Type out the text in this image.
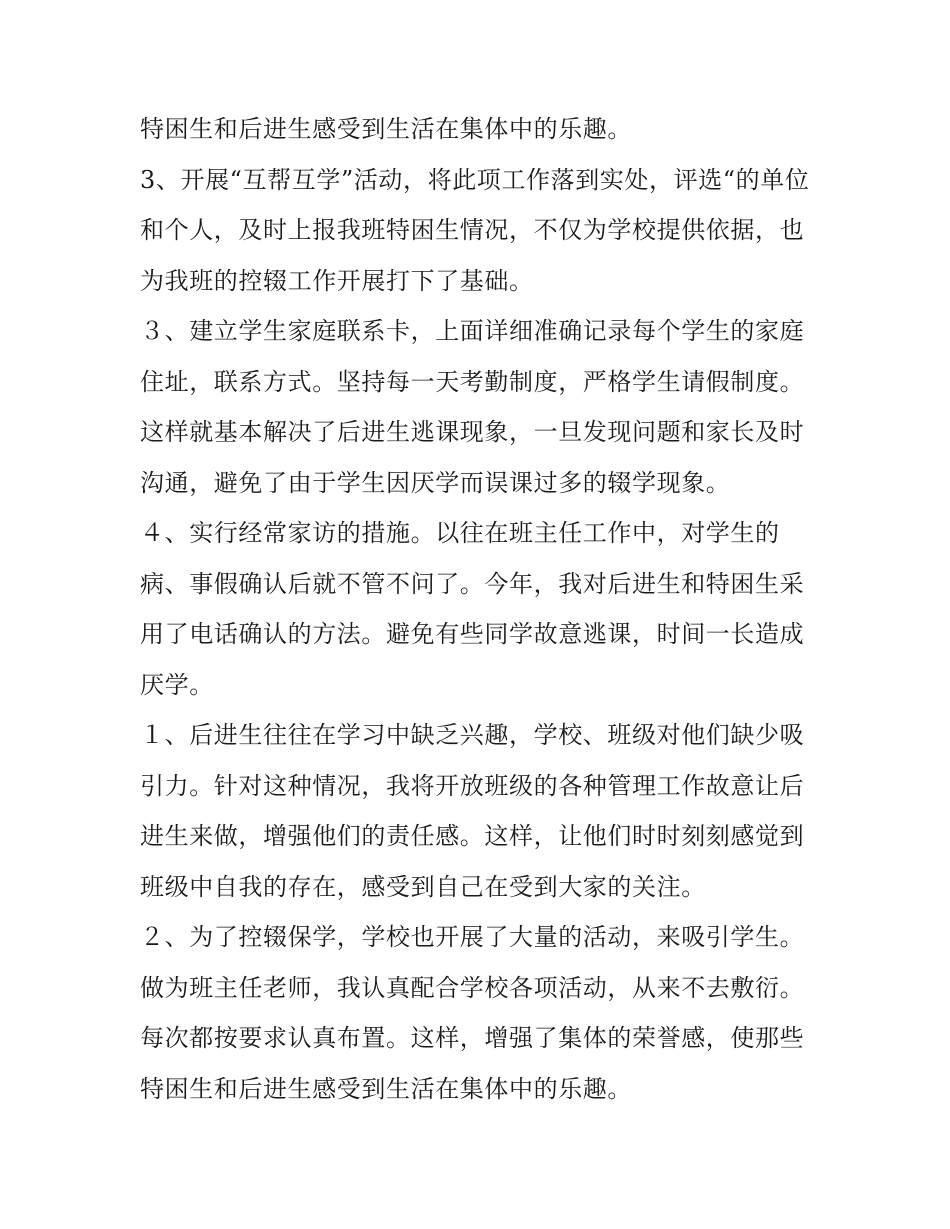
特困生和后进生感受到生活在集体中的乐趣。
3、开展“互帮互学”活动，将此项工作落到实处，评选“的单位
和个人，及时上报我班特困生情况，不仅为学校提供依据，也
为我班的控辍工作开展打下了基础。
３、建立学生家庭联系卡，上面详细准确记录每个学生的家庭
住址，联系方式。坚持每一天考勤制度，严格学生请假制度。
这样就基本解决了后进生逃课现象，一旦发现问题和家长及时
沟通，避免了由于学生因厌学而误课过多的辍学现象。
４、实行经常家访的措施。以往在班主任工作中，对学生的
病、事假确认后就不管不问了。今年，我对后进生和特困生采
用了电话确认的方法。避免有些同学故意逃课，时间一长造成
厌学。
１、后进生往往在学习中缺乏兴趣，学校、班级对他们缺少吸
引力。针对这种情况，我将开放班级的各种管理工作故意让后
进生来做，增强他们的责任感。这样，让他们时时刻刻感觉到
班级中自我的存在，感受到自己在受到大家的关注。
２、为了控辍保学，学校也开展了大量的活动，来吸引学生。
做为班主任老师，我认真配合学校各项活动，从来不去敷衍。
每次都按要求认真布置。这样，增强了集体的荣誉感，使那些
特困生和后进生感受到生活在集体中的乐趣。
